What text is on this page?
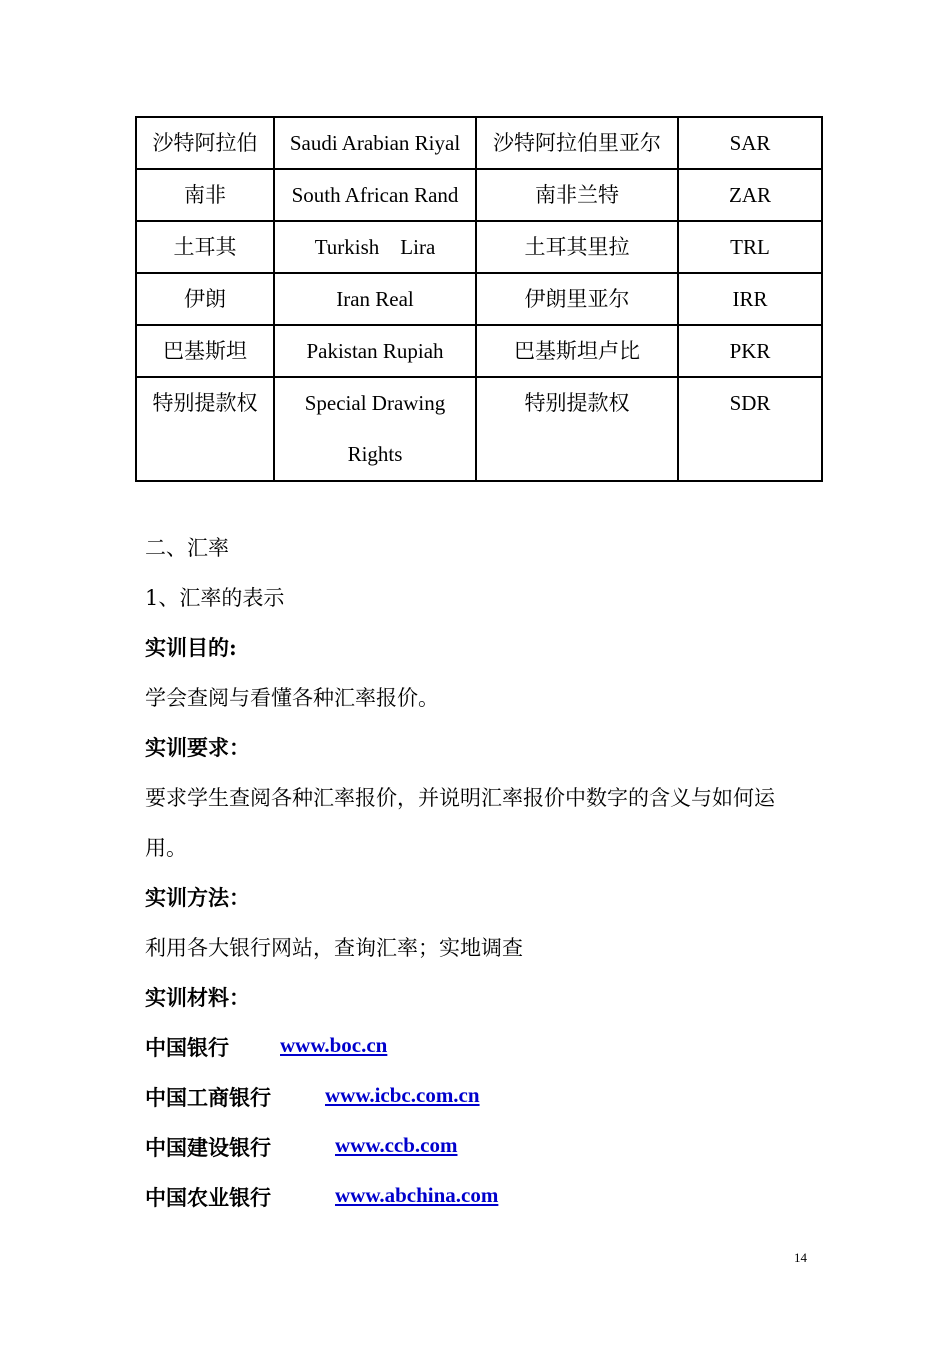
沙特阿拉伯	Saudi Arabian Riyal	沙特阿拉伯里亚尔	SAR
南非	South African Rand	南非兰特	ZAR
土耳其	Turkish    Lira	土耳其里拉	TRL
伊朗	Iran Real	伊朗里亚尔	IRR
巴基斯坦	Pakistan Rupiah	巴基斯坦卢比	PKR
特别提款权	Special Drawing Rights	特别提款权	SDR
二、汇率
1、汇率的表示
实训目的:
学会查阅与看懂各种汇率报价。
实训要求：
要求学生查阅各种汇率报价，并说明汇率报价中数字的含义与如何运
用。
实训方法：
利用各大银行网站，查询汇率；实地调查
实训材料：
中国银行 www.boc.cn
中国工商银行	www.icbc.com.cn
中国建设银行	www.ccb.com
中国农业银行	www.abchina.com
14
